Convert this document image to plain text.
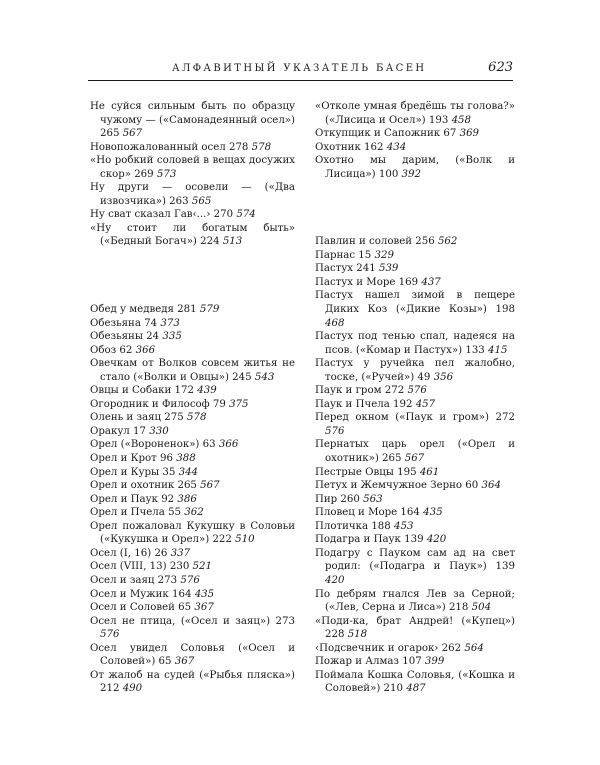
АЛФАВИТНЫЙ УКАЗАТЕЛЬ БАСЕН	623
Не суйся сильным быть по образцу чужому — («Самонадеянный осел») 265 567
Новопожалованный осел 278 578
«Но робкий соловей в вещах досужих скор» 269 573
Ну други — осовели — («Два извозчика») 263 565
Ну сват сказал Гав‹...› 270 574
«Ну стоит ли богатым быть» («Бедный Богач») 224 513
Обед у медведя 281 579
Обезьяна 74 373
Обезьяны 24 335
Обоз 62 366
Овечкам от Волков совсем житья не стало («Волки и Овцы») 245 543
Овцы и Собаки 172 439
Огородник и Философ 79 375
Олень и заяц 275 578
Оракул 17 330
Орел («Вороненок») 63 366
Орел и Крот 96 388
Орел и Куры 35 344
Орел и охотник 265 567
Орел и Паук 92 386
Орел и Пчела 55 362
Орел пожаловал Кукушку в Соловьи («Кукушка и Орел») 222 510
Осел (I, 16) 26 337
Осел (VIII, 13) 230 521
Осел и заяц 273 576
Осел и Мужик 164 435
Осел и Соловей 65 367
Осел не птица, («Осел и заяц») 273 576
Осел увидел Соловья («Осел и Соловей») 65 367
От жалоб на судей («Рыбья пляска») 212 490
«Отколе умная бредёшь ты голова?» («Лисица и Осел») 193 458
Откупщик и Сапожник 67 369
Охотник 162 434
Охотно мы дарим, («Волк и Лисица») 100 392
Павлин и соловей 256 562
Парнас 15 329
Пастух 241 539
Пастух и Море 169 437
Пастух нашел зимой в пещере Диких Коз («Дикие Козы») 198 468
Пастух под тенью спал, надеяся на псов. («Комар и Пастух») 133 415
Пастух у ручейка пел жалобно, тоске, («Ручей») 49 356
Паук и гром 272 576
Паук и Пчела 192 457
Перед окном («Паук и гром») 272 576
Пернатых царь орел («Орел и охотник») 265 567
Пестрые Овцы 195 461
Петух и Жемчужное Зерно 60 364
Пир 260 563
Пловец и Море 164 435
Плотичка 188 453
Подагра и Паук 139 420
Подагру с Пауком сам ад на свет родил: («Подагра и Паук») 139 420
По дебрям гнался Лев за Серной; («Лев, Серна и Лиса») 218 504
«Поди-ка, брат Андрей! («Купец») 228 518
‹Подсвечник и огарок› 262 564
Пожар и Алмаз 107 399
Поймала Кошка Соловья, («Кошка и Соловей») 210 487
